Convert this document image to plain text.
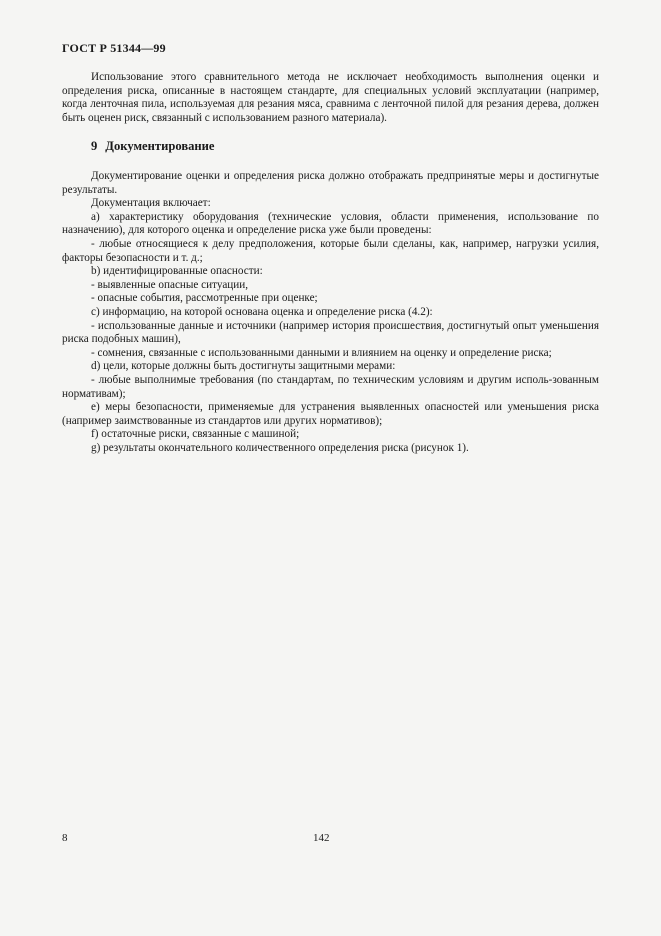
ГОСТ Р 51344—99

Использование этого сравнительного метода не исключает необходимость выполнения оценки и определения риска, описанные в настоящем стандарте, для специальных условий эксплуатации (например, когда ленточная пила, используемая для резания мяса, сравнима с ленточной пилой для резания дерева, должен быть оценен риск, связанный с использованием разного материала).

9 Документирование

Документирование оценки и определения риска должно отображать предпринятые меры и достигнутые результаты.

Документация включает:

a) характеристику оборудования (технические условия, области применения, использование по назначению), для которого оценка и определение риска уже были проведены:

- любые относящиеся к делу предположения, которые были сделаны, как, например, нагрузки усилия, факторы безопасности и т. д.;

b) идентифицированные опасности:

- выявленные опасные ситуации,

- опасные события, рассмотренные при оценке;

c) информацию, на которой основана оценка и определение риска (4.2):

- использованные данные и источники (например история происшествия, достигнутый опыт уменьшения риска подобных машин),

- сомнения, связанные с использованными данными и влиянием на оценку и определение риска;

d) цели, которые должны быть достигнуты защитными мерами:

- любые выполнимые требования (по стандартам, по техническим условиям и другим исполь-зованным нормативам);

e) меры безопасности, применяемые для устранения выявленных опасностей или уменьшения риска (например заимствованные из стандартов или других нормативов);

f) остаточные риски, связанные с машиной;

g) результаты окончательного количественного определения риска (рисунок 1).

8	142
